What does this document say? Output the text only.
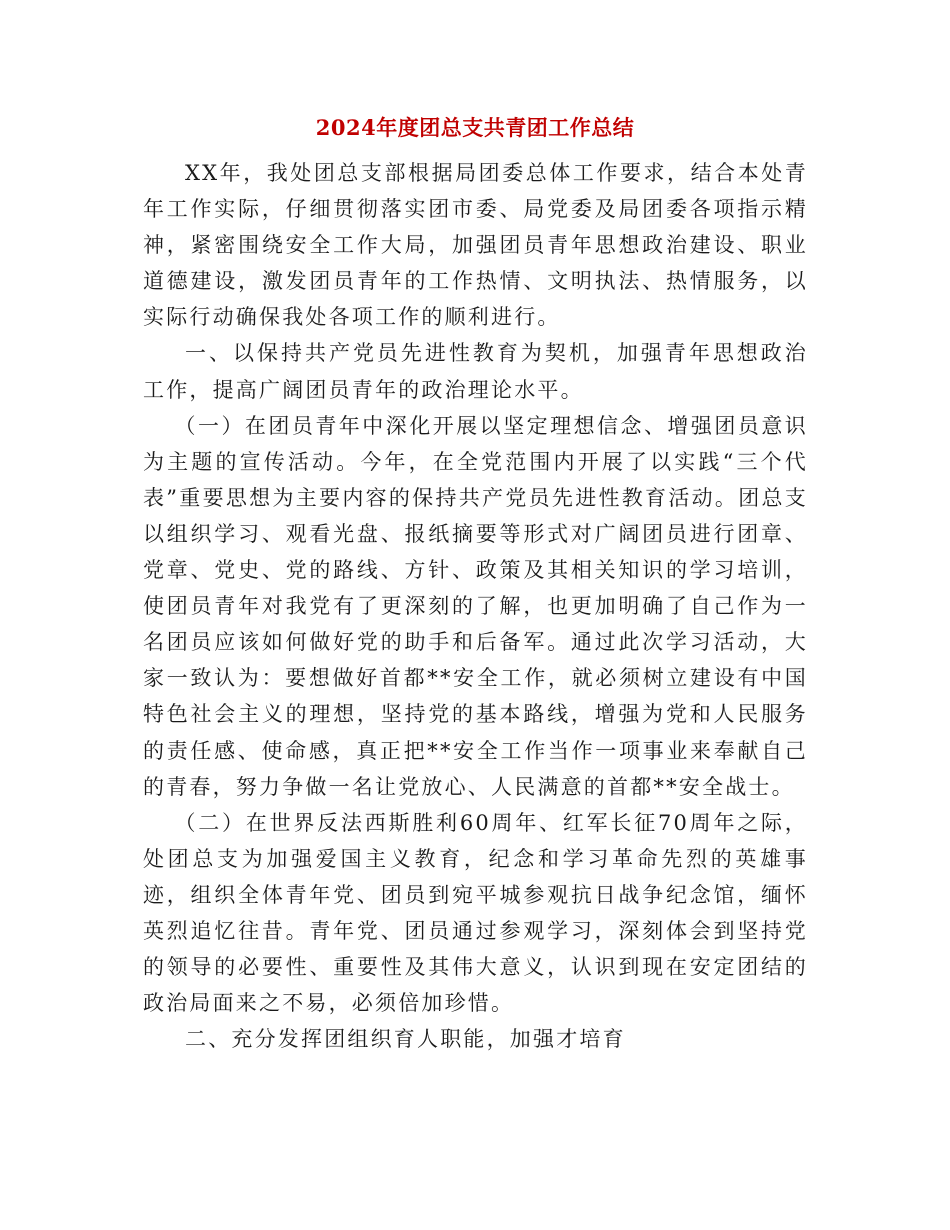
2024年度团总支共青团工作总结

XX年，我处团总支部根据局团委总体工作要求，结合本处青年工作实际，仔细贯彻落实团市委、局党委及局团委各项指示精神，紧密围绕安全工作大局，加强团员青年思想政治建设、职业道德建设，激发团员青年的工作热情、文明执法、热情服务，以实际行动确保我处各项工作的顺利进行。

一、以保持共产党员先进性教育为契机，加强青年思想政治工作，提高广阔团员青年的政治理论水平。

（一）在团员青年中深化开展以坚定理想信念、增强团员意识为主题的宣传活动。今年，在全党范围内开展了以实践“三个代表”重要思想为主要内容的保持共产党员先进性教育活动。团总支以组织学习、观看光盘、报纸摘要等形式对广阔团员进行团章、党章、党史、党的路线、方针、政策及其相关知识的学习培训，使团员青年对我党有了更深刻的了解，也更加明确了自己作为一名团员应该如何做好党的助手和后备军。通过此次学习活动，大家一致认为：要想做好首都**安全工作，就必须树立建设有中国特色社会主义的理想，坚持党的基本路线，增强为党和人民服务的责任感、使命感，真正把**安全工作当作一项事业来奉献自己的青春，努力争做一名让党放心、人民满意的首都**安全战士。

（二）在世界反法西斯胜利60周年、红军长征70周年之际，处团总支为加强爱国主义教育，纪念和学习革命先烈的英雄事迹，组织全体青年党、团员到宛平城参观抗日战争纪念馆，缅怀英烈追忆往昔。青年党、团员通过参观学习，深刻体会到坚持党的领导的必要性、重要性及其伟大意义，认识到现在安定团结的政治局面来之不易，必须倍加珍惜。

二、充分发挥团组织育人职能，加强才培育
